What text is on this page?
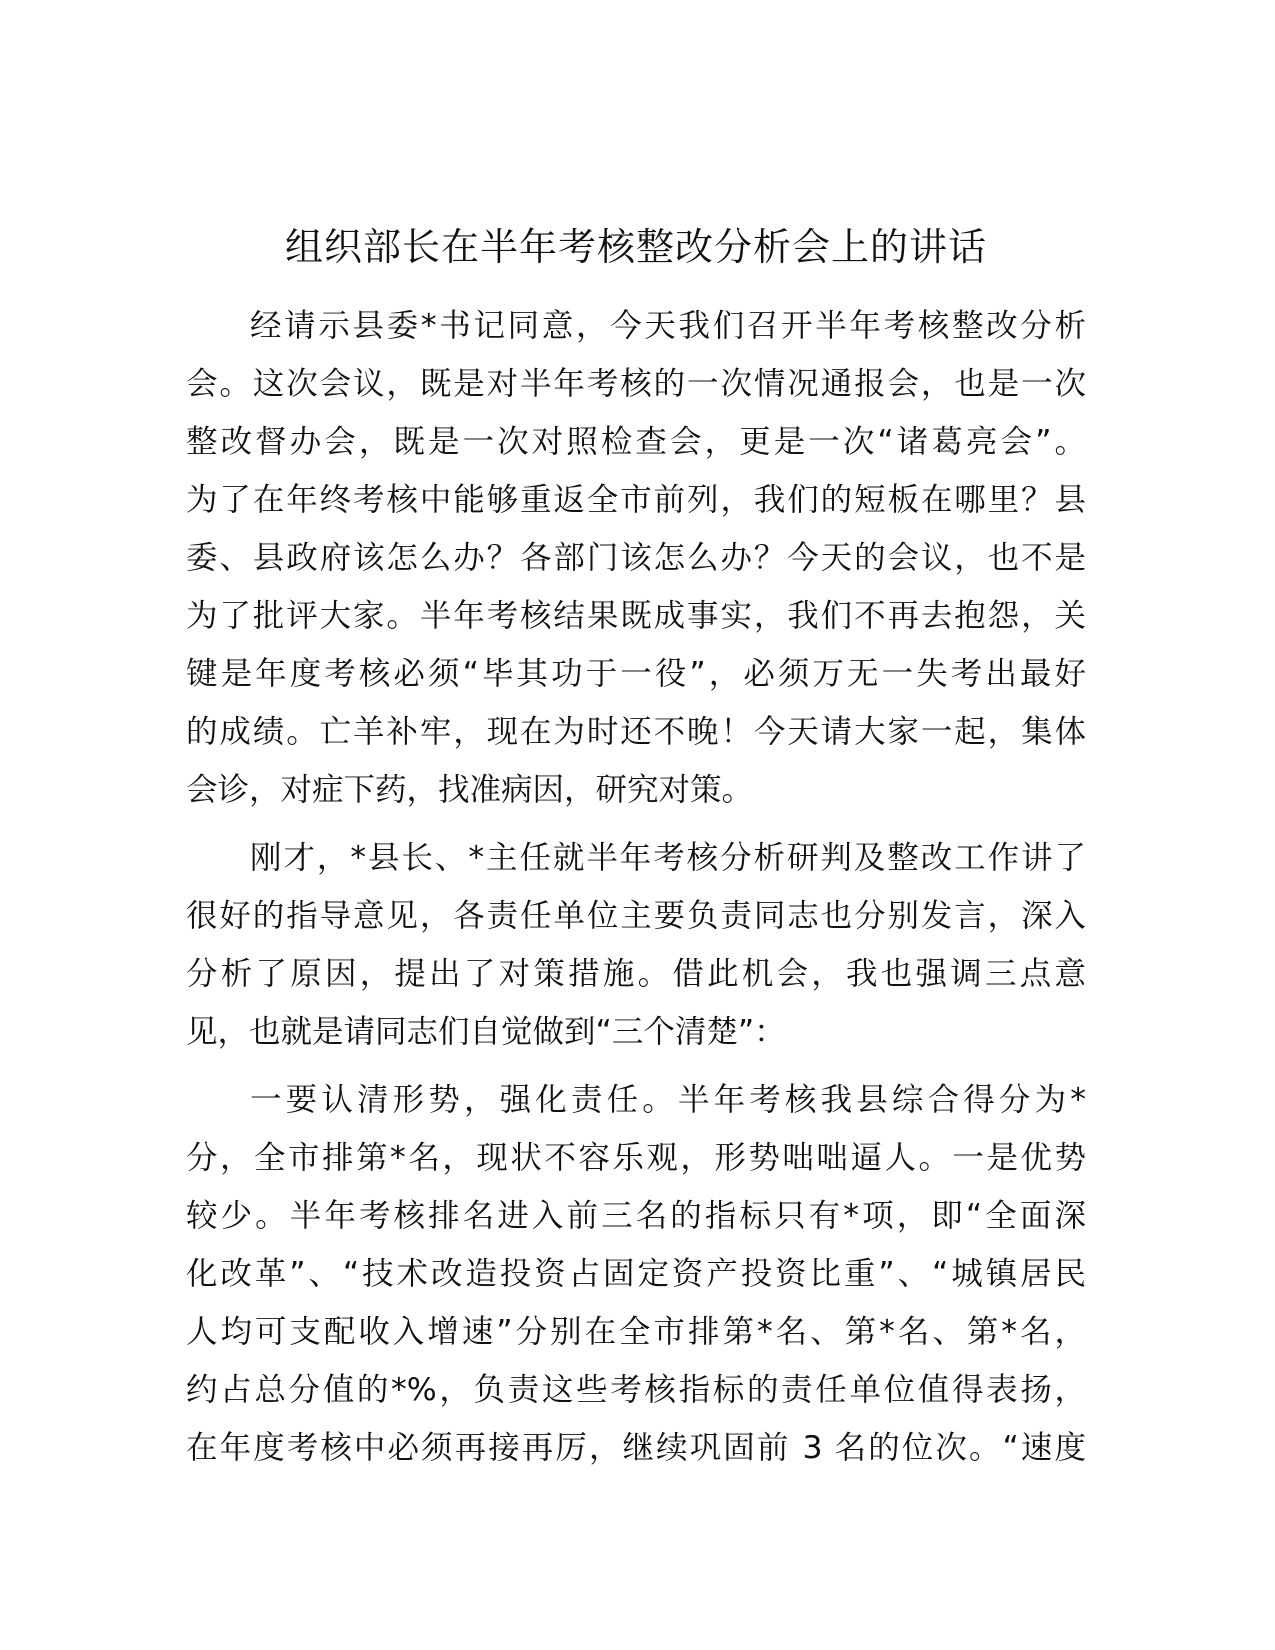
组织部长在半年考核整改分析会上的讲话

经请示县委*书记同意，今天我们召开半年考核整改分析
会。这次会议，既是对半年考核的一次情况通报会，也是一次
整改督办会，既是一次对照检查会，更是一次“诸葛亮会”。
为了在年终考核中能够重返全市前列，我们的短板在哪里？县
委、县政府该怎么办？各部门该怎么办？今天的会议，也不是
为了批评大家。半年考核结果既成事实，我们不再去抱怨，关
键是年度考核必须“毕其功于一役”，必须万无一失考出最好
的成绩。亡羊补牢，现在为时还不晚！今天请大家一起，集体
会诊，对症下药，找准病因，研究对策。

刚才，*县长、*主任就半年考核分析研判及整改工作讲了
很好的指导意见，各责任单位主要负责同志也分别发言，深入
分析了原因，提出了对策措施。借此机会，我也强调三点意
见，也就是请同志们自觉做到“三个清楚”：

一要认清形势，强化责任。半年考核我县综合得分为*
分，全市排第*名，现状不容乐观，形势咄咄逼人。一是优势
较少。半年考核排名进入前三名的指标只有*项，即“全面深
化改革”、“技术改造投资占固定资产投资比重”、“城镇居民
人均可支配收入增速”分别在全市排第*名、第*名、第*名，
约占总分值的*%，负责这些考核指标的责任单位值得表扬，
在年度考核中必须再接再厉，继续巩固前 3 名的位次。“速度
